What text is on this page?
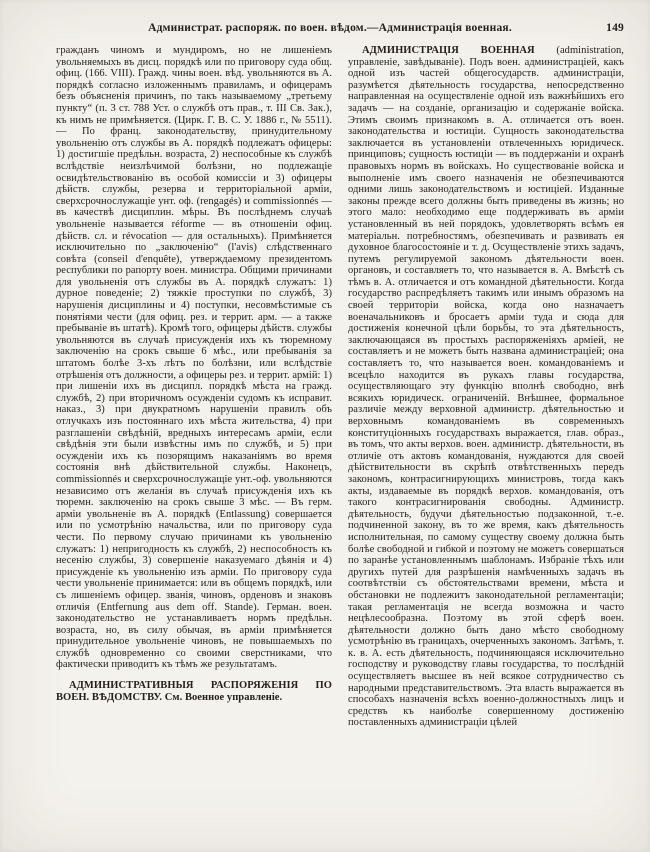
Администрат. распоряж. по воен. вѣдом.—Администрація военная.	149

гражданъ чиномъ и мундиромъ, но не лишеніемъ увольняемыхъ въ дисц. порядкѣ или по приговору суда общ. офиц. (166. VIII). Гражд. чины воен. вѣд. увольняются въ А. порядкѣ согласно изложеннымъ правиламъ, и офицерамъ безъ объясненія причинъ, по такъ называемому „третьему пункту“ (п. 3 ст. 788 Уст. о службѣ отъ прав., т. III Св. Зак.), къ нимъ не примѣняется. (Цирк. Г. В. С. У. 1886 г., № 5511). — По франц. законодательству, принудительному увольненію отъ службы въ А. порядкѣ подлежатъ офицеры: 1) достигшіе предѣльн. возраста, 2) неспособные къ службѣ вслѣдствіе неизлѣчимой болѣзни, но подлежащіе освидѣтельствованію въ особой комиссіи и 3) офицеры дѣйств. службы, резерва и территоріальной арміи, сверхсрочнослужащіе унт. оф. (rengagés) и commissionnés — въ качествѣ дисциплин. мѣры. Въ послѣднемъ случаѣ увольненіе называется réforme — въ отношеніи офиц. дѣйств. сл. и révocation — для остальныхъ). Примѣняется исключительно по „заключенію“ (l'avis) слѣдственнаго совѣта (conseil d'enquête), утверждаемому президентомъ республики по рапорту воен. министра. Общими причинами для увольненія отъ службы въ А. порядкѣ служатъ: 1) дурное поведеніе; 2) тяжкіе проступки по службѣ, 3) нарушенія дисциплины и 4) поступки, несовмѣстимые съ понятіями чести (для офиц. рез. и террит. арм. — а также пребываніе въ штатѣ). Кромѣ того, офицеры дѣйств. службы увольняются въ случаѣ присужденія ихъ къ тюремному заключенію на срокъ свыше 6 мѣс., или пребыванія за штатомъ болѣе 3-хъ лѣтъ по болѣзни, или вслѣдствіе отрѣшенія отъ должности, а офицеры рез. и террит. армій: 1) при лишеніи ихъ въ дисципл. порядкѣ мѣста на гражд. службѣ, 2) при вторичномъ осужденіи судомъ къ исправит. наказ., 3) при двукратномъ нарушеніи правилъ объ отлучкахъ изъ постояннаго ихъ мѣста жительства, 4) при разглашеніи свѣдѣній, вредныхъ интересамъ арміи, если свѣдѣнія эти были извѣстны имъ по службѣ, и 5) при осужденіи ихъ къ позорящимъ наказаніямъ во время состоянія внѣ дѣйствительной службы. Наконецъ, commissionnés и сверхсрочнослужащіе унт.-оф. увольняются независимо отъ желанія въ случаѣ присужденія ихъ къ тюремн. заключенію на срокъ свыше 3 мѣс. — Въ герм. арміи увольненіе въ А. порядкѣ (Entlassung) совершается или по усмотрѣнію начальства, или по приговору суда чести. По первому случаю причинами къ увольненію служатъ: 1) непригодность къ службѣ, 2) неспособность къ несенію службы, 3) совершеніе наказуемаго дѣянія и 4) присужденіе къ увольненію изъ арміи. По приговору суда чести увольненіе принимается: или въ общемъ порядкѣ, или съ лишеніемъ офицер. званія, чиновъ, орденовъ и знаковъ отличія (Entfernung aus dem off. Stande). Герман. воен. законодательство не устанавливаетъ нормъ предѣльн. возраста, но, въ силу обычая, въ арміи примѣняется принудительное увольненіе чиновъ, не повышаемыхъ по службѣ одновременно со своими сверстниками, что фактически приводитъ къ тѣмъ же результатамъ.

АДМИНИСТРАТИВНЫЯ РАСПОРЯЖЕНІЯ ПО ВОЕН. ВѢДОМСТВУ. См. Военное управленіе.

АДМИНИСТРАЦІЯ ВОЕННАЯ (administration, управленіе, завѣдываніе). Подъ воен. администраціей, какъ одной изъ частей общегосударств. администраціи, разумѣется дѣятельность государства, непосредственно направленная на осуществленіе одной изъ важнѣйшихъ его задачъ — на созданіе, организацію и содержаніе войска. Этимъ своимъ признакомъ в. А. отличается отъ воен. законодательства и юстиціи. Сущность законодательства заключается въ установленіи отвлеченныхъ юридическ. принциповъ; сущность юстиціи — въ поддержаніи и охранѣ правовыхъ нормъ въ войскахъ. Но существованіе войска и выполненіе имъ своего назначенія не обезпечиваются одними лишь законодательствомъ и юстиціей. Изданные законы прежде всего должны быть приведены въ жизнь; но этого мало: необходимо еще поддерживать въ арміи установленный въ ней порядокъ, удовлетворять всѣмъ ея матеріальн. потребностямъ, обезпечивать и развивать ея духовное благосостояніе и т. д. Осуществленіе этихъ задачъ, путемъ регулируемой закономъ дѣятельности воен. органовъ, и составляетъ то, что называется в. А. Вмѣстѣ съ тѣмъ в. А. отличается и отъ командной дѣятельности. Когда государство распредѣляетъ такимъ или инымъ образомъ на своей территоріи войска, когда оно назначаетъ военачальниковъ и бросаетъ арміи туда и сюда для достиженія конечной цѣли борьбы, то эта дѣятельность, заключающаяся въ простыхъ распоряженіяхъ арміей, не составляетъ и не можетъ быть названа администраціей; она составляетъ то, что называется воен. командованіемъ и всецѣло находится въ рукахъ главы государства, осуществляющаго эту функцію вполнѣ свободно, внѣ всякихъ юридическ. ограниченій. Внѣшнее, формальное различіе между верховной администр. дѣятельностью и верховнымъ командованіемъ въ современныхъ конституціонныхъ государствахъ выражается, глав. образ., въ томъ, что акты верхов. воен. администр. дѣятельности, въ отличіе отъ актовъ командованія, нуждаются для своей дѣйствительности въ скрѣпѣ отвѣтственныхъ передъ закономъ, контрасигнирующихъ министровъ, тогда какъ акты, издаваемые въ порядкѣ верхов. командованія, отъ такого контрасигнированія свободны. Администр. дѣятельность, будучи дѣятельностью подзаконной, т.-е. подчиненной закону, въ то же время, какъ дѣятельность исполнительная, по самому существу своему должна быть болѣе свободной и гибкой и поэтому не можетъ совершаться по заранѣе установленнымъ шаблонамъ. Избраніе тѣхъ или другихъ путей для разрѣшенія намѣченныхъ задачъ въ соотвѣтствіи съ обстоятельствами времени, мѣста и обстановки не подлежитъ законодательной регламентаціи; такая регламентація не всегда возможна и часто нецѣлесообразна. Поэтому въ этой сферѣ воен. дѣятельности должно быть дано мѣсто свободному усмотрѣнію въ границахъ, очерченныхъ закономъ. Затѣмъ, т. к. в. А. есть дѣятельность, подчиняющаяся исключительно господству и руководству главы государства, то послѣдній осуществляетъ высшее въ ней всякое сотрудничество съ народными представительствомъ. Эта власть выражается въ способахъ назначенія всѣхъ военно-должностныхъ лицъ и средствъ къ наиболѣе совершенному достиженію поставленныхъ администраціи цѣлей
